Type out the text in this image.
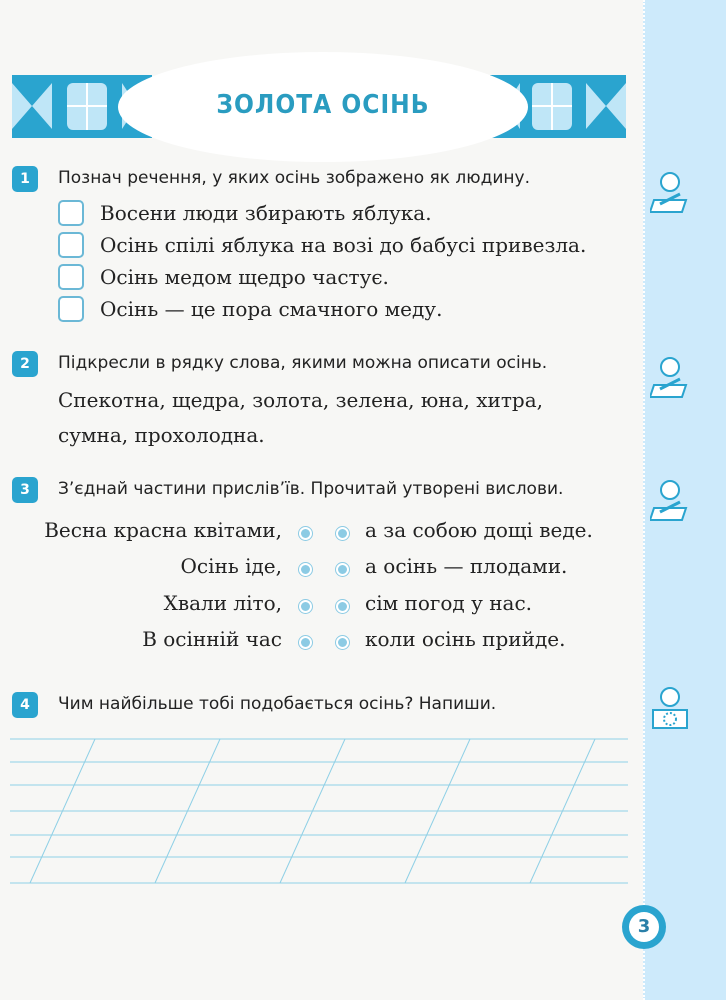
ЗОЛОТА ОСІНЬ
1	Познач речення, у яких осінь зображено як людину.
Восени люди збирають яблука.
Осінь спілі яблука на возі до бабусі привезла.
Осінь медом щедро частує.
Осінь — це пора смачного меду.
2	Підкресли в рядку слова, якими можна описати осінь.
Спекотна, щедра, золота, зелена, юна, хитра,
сумна, прохолодна.
3	З’єднай частини прислів’їв. Прочитай утворені вислови.
Весна красна квітами,
Осінь іде,
Хвали літо,
В осінній час
а за собою дощі веде.
а осінь — плодами.
сім погод у нас.
коли осінь прийде.
4	Чим найбільше тобі подобається осінь? Напиши.
3
